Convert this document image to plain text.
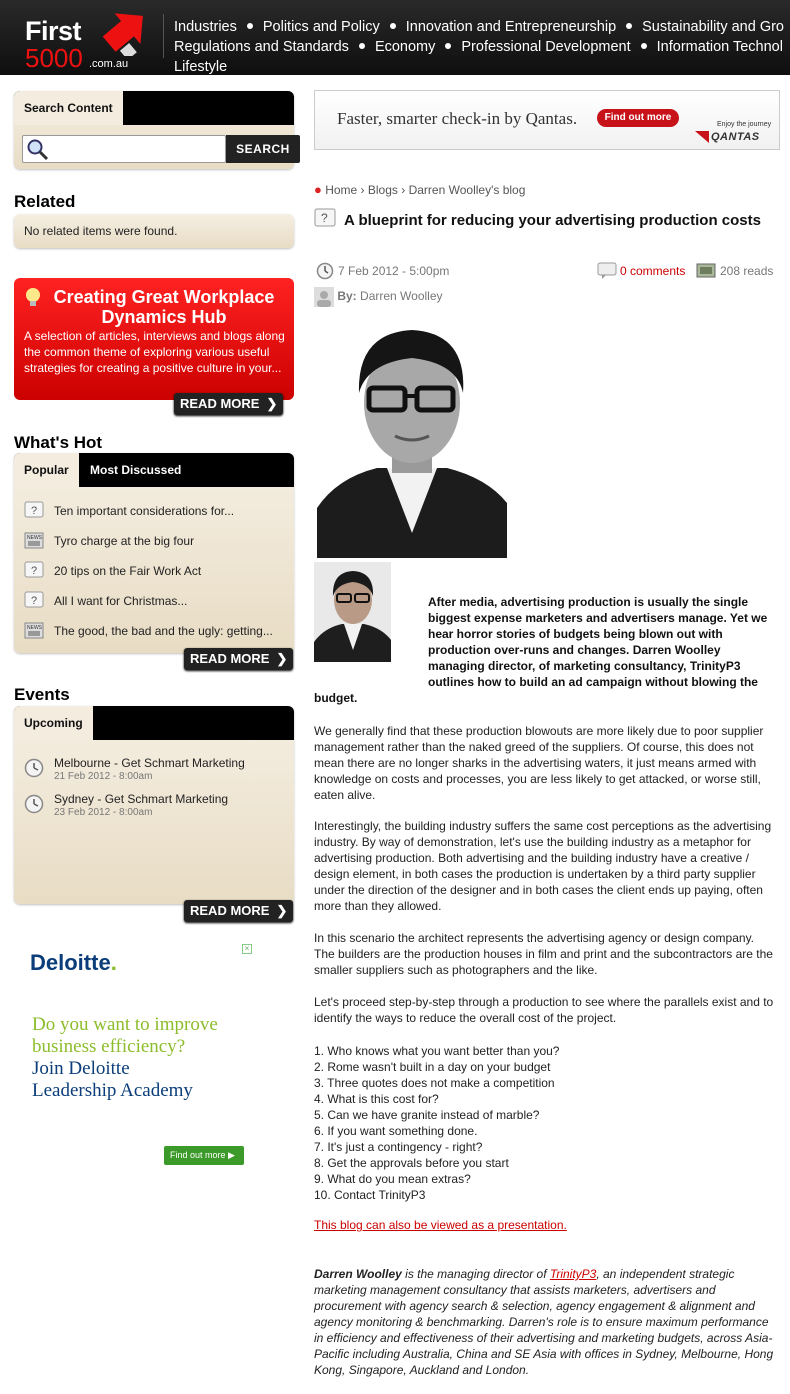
First
5000 .com.au
Industries Politics and Policy Innovation and Entrepreneurship Sustainability and Gro
Regulations and Standards Economy Professional Development Information Technol
Lifestyle
Search Content
SEARCH
Related

No related items were found.

Creating Great Workplace Dynamics Hub
A selection of articles, interviews and blogs along the common theme of exploring various useful strategies for creating a positive culture in your...
READ MORE ❯
What's Hot
Popular	Most Discussed
? Ten important considerations for...
NEWS Tyro charge at the big four
? 20 tips on the Fair Work Act
? All I want for Christmas...
NEWS The good, the bad and the ugly: getting...
READ MORE ❯
Events
Upcoming
Melbourne - Get Schmart Marketing
21 Feb 2012 - 8:00am
Sydney - Get Schmart Marketing
23 Feb 2012 - 8:00am
READ MORE ❯
×
Deloitte.
Do you want to improve
business efficiency?
Join Deloitte
Leadership Academy
Find out more ▶
Faster, smarter check-in by Qantas.	Find out more
Enjoy the journey
QANTAS
● Home › Blogs › Darren Woolley's blog
? A blueprint for reducing your advertising production costs
7 Feb 2012 - 5:00pm	0 comments	208 reads
By: Darren Woolley
After media, advertising production is usually the single biggest expense marketers and advertisers manage. Yet we hear horror stories of budgets being blown out with production over-runs and changes. Darren Woolley managing director, of marketing consultancy, TrinityP3 outlines how to build an ad campaign without blowing the budget.

We generally find that these production blowouts are more likely due to poor supplier management rather than the naked greed of the suppliers. Of course, this does not mean there are no longer sharks in the advertising waters, it just means armed with knowledge on costs and processes, you are less likely to get attacked, or worse still, eaten alive.

Interestingly, the building industry suffers the same cost perceptions as the advertising industry. By way of demonstration, let's use the building industry as a metaphor for advertising production. Both advertising and the building industry have a creative / design element, in both cases the production is undertaken by a third party supplier under the direction of the designer and in both cases the client ends up paying, often more than they allowed.

In this scenario the architect represents the advertising agency or design company. The builders are the production houses in film and print and the subcontractors are the smaller suppliers such as photographers and the like.

Let's proceed step-by-step through a production to see where the parallels exist and to identify the ways to reduce the overall cost of the project.

1. Who knows what you want better than you?
2. Rome wasn't built in a day on your budget
3. Three quotes does not make a competition
4. What is this cost for?
5. Can we have granite instead of marble?
6. If you want something done.
7. It's just a contingency - right?
8. Get the approvals before you start
9. What do you mean extras?
10. Contact TrinityP3
This blog can also be viewed as a presentation.

Darren Woolley is the managing director of TrinityP3, an independent strategic marketing management consultancy that assists marketers, advertisers and procurement with agency search & selection, agency engagement & alignment and agency monitoring & benchmarking. Darren's role is to ensure maximum performance in efficiency and effectiveness of their advertising and marketing budgets, across Asia-Pacific including Australia, China and SE Asia with offices in Sydney, Melbourne, Hong Kong, Singapore, Auckland and London.
